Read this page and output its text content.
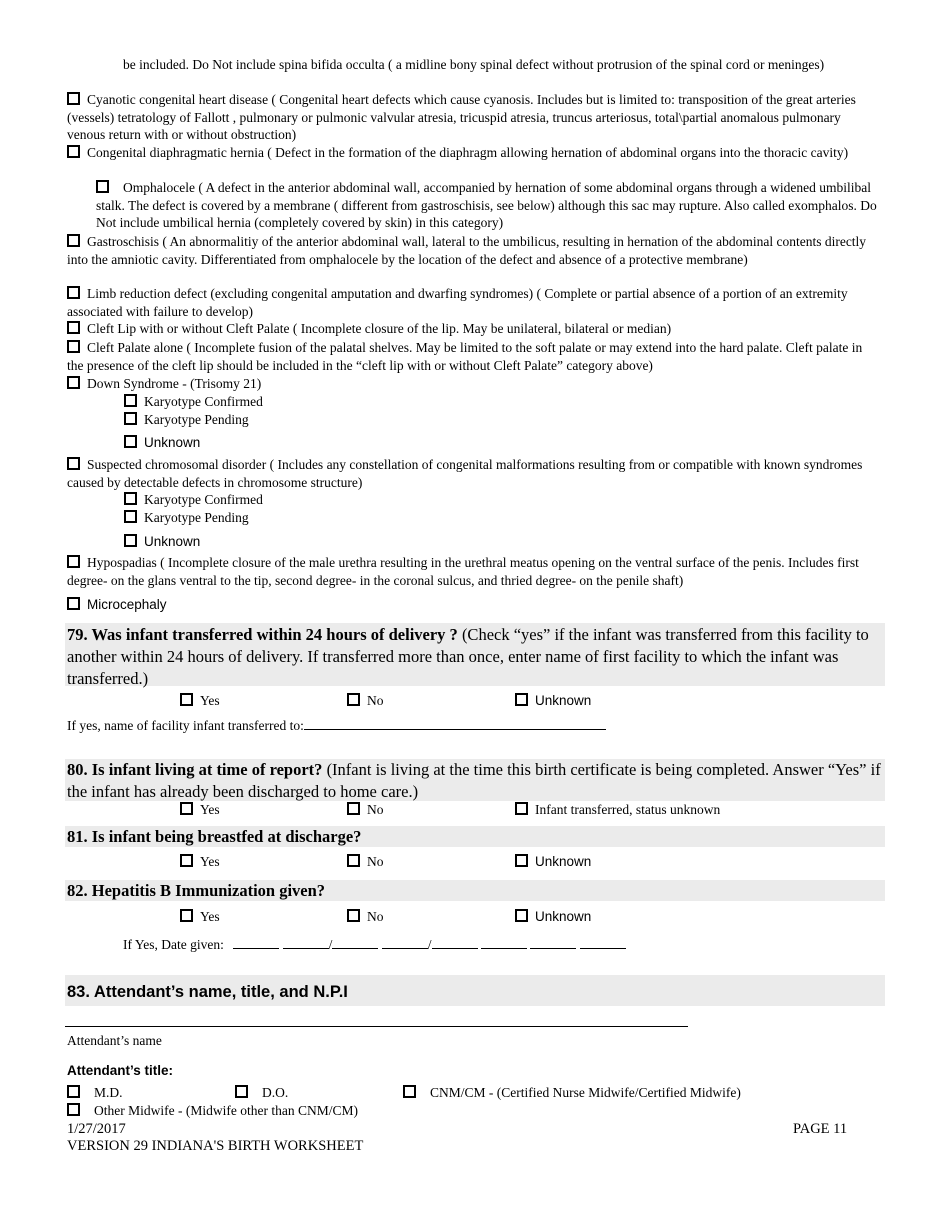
be included. Do Not include spina bifida occulta ( a midline bony spinal defect without protrusion of the spinal cord or meninges)
Cyanotic congenital heart disease ( Congenital heart defects which cause cyanosis. Includes but is limited to: transposition of the great arteries (vessels) tetratology of Fallott , pulmonary or pulmonic valvular atresia, tricuspid atresia, truncus arteriosus, total\partial anomalous pulmonary venous return with or without obstruction)
Congenital diaphragmatic hernia ( Defect in the formation of the diaphragm allowing hernation of abdominal organs into the thoracic cavity)
Omphalocele ( A defect in the anterior abdominal wall, accompanied by hernation of some abdominal organs through a widened umbilibal stalk. The defect is covered by a membrane ( different from gastroschisis, see below) although this sac may rupture. Also called exomphalos. Do Not include umbilical hernia (completely covered by skin) in this category)
Gastroschisis ( An abnormalitiy of the anterior abdominal wall, lateral to the umbilicus, resulting in hernation of the abdominal contents directly into the amniotic cavity. Differentiated from omphalocele by the location of the defect and absence of a protective membrane)
Limb reduction defect (excluding congenital amputation and dwarfing syndromes) ( Complete or partial absence of a portion of an extremity associated with failure to develop)
Cleft Lip with or without Cleft Palate ( Incomplete closure of the lip. May be unilateral, bilateral or median)
Cleft Palate alone ( Incomplete fusion of the palatal shelves. May be limited to the soft palate or may extend into the hard palate. Cleft palate in the presence of the cleft lip should be included in the “cleft lip with or without Cleft Palate” category above)
Down Syndrome - (Trisomy 21)
Karyotype Confirmed
Karyotype Pending
Unknown
Suspected chromosomal disorder ( Includes any constellation of congenital malformations resulting from or compatible with known syndromes caused by detectable defects in chromosome structure)
Karyotype Confirmed
Karyotype Pending
Unknown
Hypospadias ( Incomplete closure of the male urethra resulting in the urethral meatus opening on the ventral surface of the penis. Includes first degree- on the glans ventral to the tip, second degree- in the coronal sulcus, and thried degree- on the penile shaft)
Microcephaly
79. Was infant transferred within 24 hours of delivery ? (Check “yes” if the infant was transferred from this facility to another within 24 hours of delivery. If transferred more than once, enter name of first facility to which the infant was transferred.)
Yes	No	Unknown
If yes, name of facility infant transferred to:
80. Is infant living at time of report? (Infant is living at the time this birth certificate is being completed. Answer “Yes” if the infant has already been discharged to home care.)
Yes	No	Infant transferred, status unknown
81. Is infant being breastfed at discharge?
Yes	No	Unknown
82. Hepatitis B Immunization given?
Yes	No	Unknown
If Yes, Date given:	/	/
83. Attendant’s name, title, and N.P.I
Attendant’s name
Attendant’s title:
M.D.	D.O.	CNM/CM - (Certified Nurse Midwife/Certified Midwife)
Other Midwife - (Midwife other than CNM/CM)
1/27/2017
VERSION 29 INDIANA'S BIRTH WORKSHEET
PAGE 11
